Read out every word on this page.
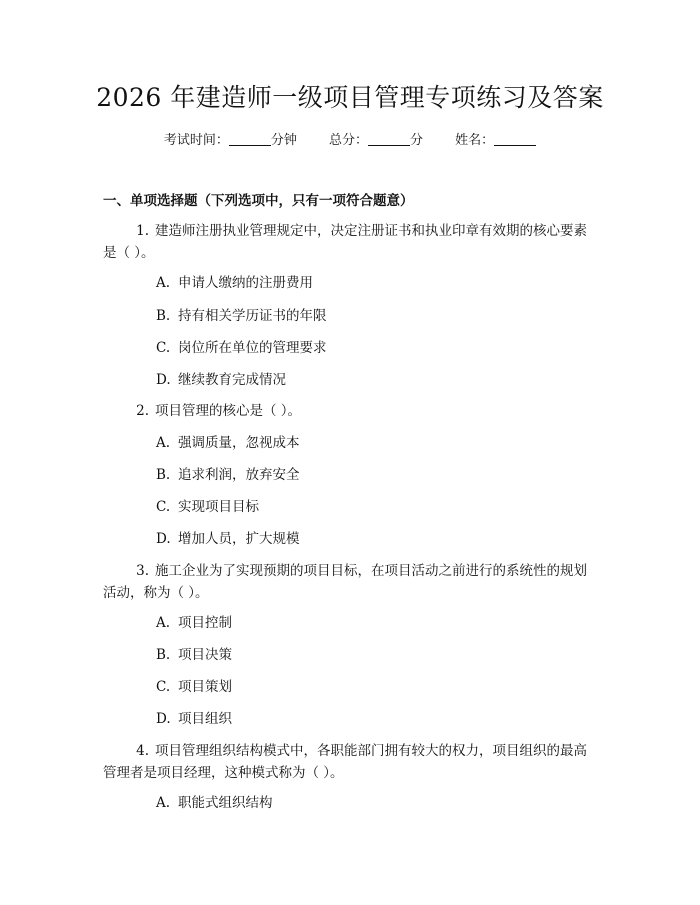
2026 年建造师一级项目管理专项练习及答案
考试时间：	分钟 总分：	分 姓名：
一、单项选择题（下列选项中，只有一项符合题意）
1. 建造师注册执业管理规定中，决定注册证书和执业印章有效期的核心要素
是（ ）。
A. 申请人缴纳的注册费用
B. 持有相关学历证书的年限
C. 岗位所在单位的管理要求
D. 继续教育完成情况
2. 项目管理的核心是（ ）。
A. 强调质量，忽视成本
B. 追求利润，放弃安全
C. 实现项目目标
D. 增加人员，扩大规模
3. 施工企业为了实现预期的项目目标，在项目活动之前进行的系统性的规划
活动，称为（ ）。
A. 项目控制
B. 项目决策
C. 项目策划
D. 项目组织
4. 项目管理组织结构模式中，各职能部门拥有较大的权力，项目组织的最高
管理者是项目经理，这种模式称为（ ）。
A. 职能式组织结构
